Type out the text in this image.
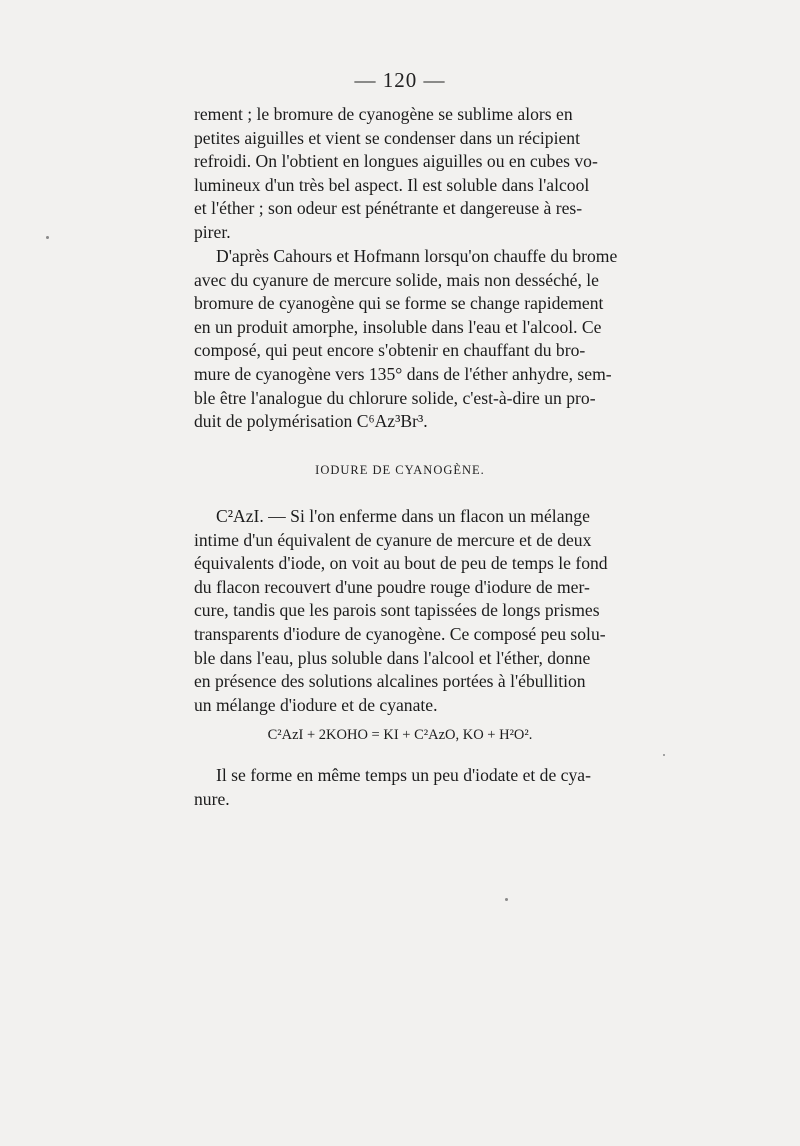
— 120 —

rement ; le bromure de cyanogène se sublime alors en

petites aiguilles et vient se condenser dans un récipient

refroidi. On l'obtient en longues aiguilles ou en cubes vo-

lumineux d'un très bel aspect. Il est soluble dans l'alcool

et l'éther ; son odeur est pénétrante et dangereuse à res-

pirer.

D'après Cahours et Hofmann lorsqu'on chauffe du brome

avec du cyanure de mercure solide, mais non desséché, le

bromure de cyanogène qui se forme se change rapidement

en un produit amorphe, insoluble dans l'eau et l'alcool. Ce

composé, qui peut encore s'obtenir en chauffant du bro-

mure de cyanogène vers 135° dans de l'éther anhydre, sem-

ble être l'analogue du chlorure solide, c'est-à-dire un pro-

duit de polymérisation C⁶Az³Br³.

IODURE DE CYANOGÈNE.

C²AzI. — Si l'on enferme dans un flacon un mélange

intime d'un équivalent de cyanure de mercure et de deux

équivalents d'iode, on voit au bout de peu de temps le fond

du flacon recouvert d'une poudre rouge d'iodure de mer-

cure, tandis que les parois sont tapissées de longs prismes

transparents d'iodure de cyanogène. Ce composé peu solu-

ble dans l'eau, plus soluble dans l'alcool et l'éther, donne

en présence des solutions alcalines portées à l'ébullition

un mélange d'iodure et de cyanate.

C²AzI + 2KOHO = KI + C²AzO, KO + H²O².

Il se forme en même temps un peu d'iodate et de cya-

nure.
